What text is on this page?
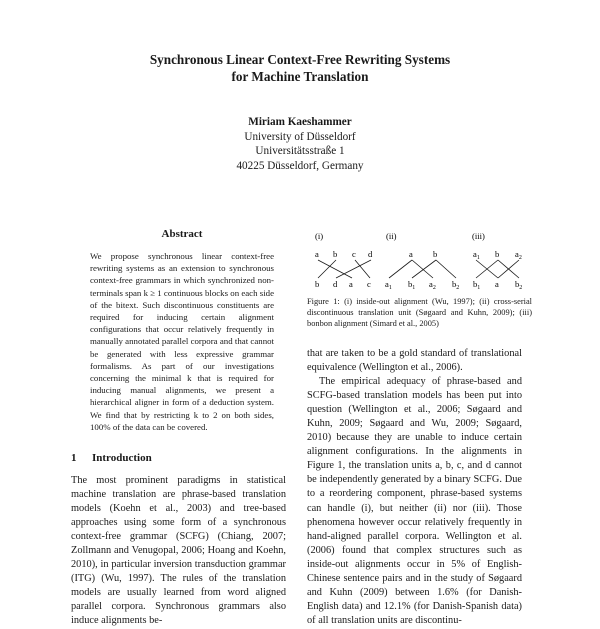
Synchronous Linear Context-Free Rewriting Systems
for Machine Translation
Miriam Kaeshammer
University of Düsseldorf
Universitätsstraße 1
40225 Düsseldorf, Germany
Abstract
We propose synchronous linear context-free rewriting systems as an extension to synchronous context-free grammars in which synchronized non-terminals span k ≥ 1 continuous blocks on each side of the bitext. Such discontinuous constituents are required for inducing certain alignment configurations that occur relatively frequently in manually annotated parallel corpora and that cannot be generated with less expressive grammar formalisms. As part of our investigations concerning the minimal k that is required for inducing manual alignments, we present a hierarchical aligner in form of a deduction system. We find that by restricting k to 2 on both sides, 100% of the data can be covered.
1 Introduction
The most prominent paradigms in statistical machine translation are phrase-based translation models (Koehn et al., 2003) and tree-based approaches using some form of a synchronous context-free grammar (SCFG) (Chiang, 2007; Zollmann and Venugopal, 2006; Hoang and Koehn, 2010), in particular inversion transduction grammar (ITG) (Wu, 1997). The rules of the translation models are usually learned from word aligned parallel corpora. Synchronous grammars also induce alignments be-
(i)	(ii)	(iii)
a b c d
b d a c
a b
$a_1$ $b_1$ $a_2$ $b_2$
$a_1$ b $a_2$
$b_1$ a $b_2$
Figure 1: (i) inside-out alignment (Wu, 1997); (ii) cross-serial discontinuous translation unit (Søgaard and Kuhn, 2009); (iii) bonbon alignment (Simard et al., 2005)

that are taken to be a gold standard of translational equivalence (Wellington et al., 2006).

The empirical adequacy of phrase-based and SCFG-based translation models has been put into question (Wellington et al., 2006; Søgaard and Kuhn, 2009; Søgaard and Wu, 2009; Søgaard, 2010) because they are unable to induce certain alignment configurations. In the alignments in Figure 1, the translation units a, b, c, and d cannot be independently generated by a binary SCFG. Due to a reordering component, phrase-based systems can handle (i), but neither (ii) nor (iii). Those phenomena however occur relatively frequently in hand-aligned parallel corpora. Wellington et al. (2006) found that complex structures such as inside-out alignments occur in 5% of English-Chinese sentence pairs and in the study of Søgaard and Kuhn (2009) between 1.6% (for Danish-English data) and 12.1% (for Danish-Spanish data) of all translation units are discontinu-
